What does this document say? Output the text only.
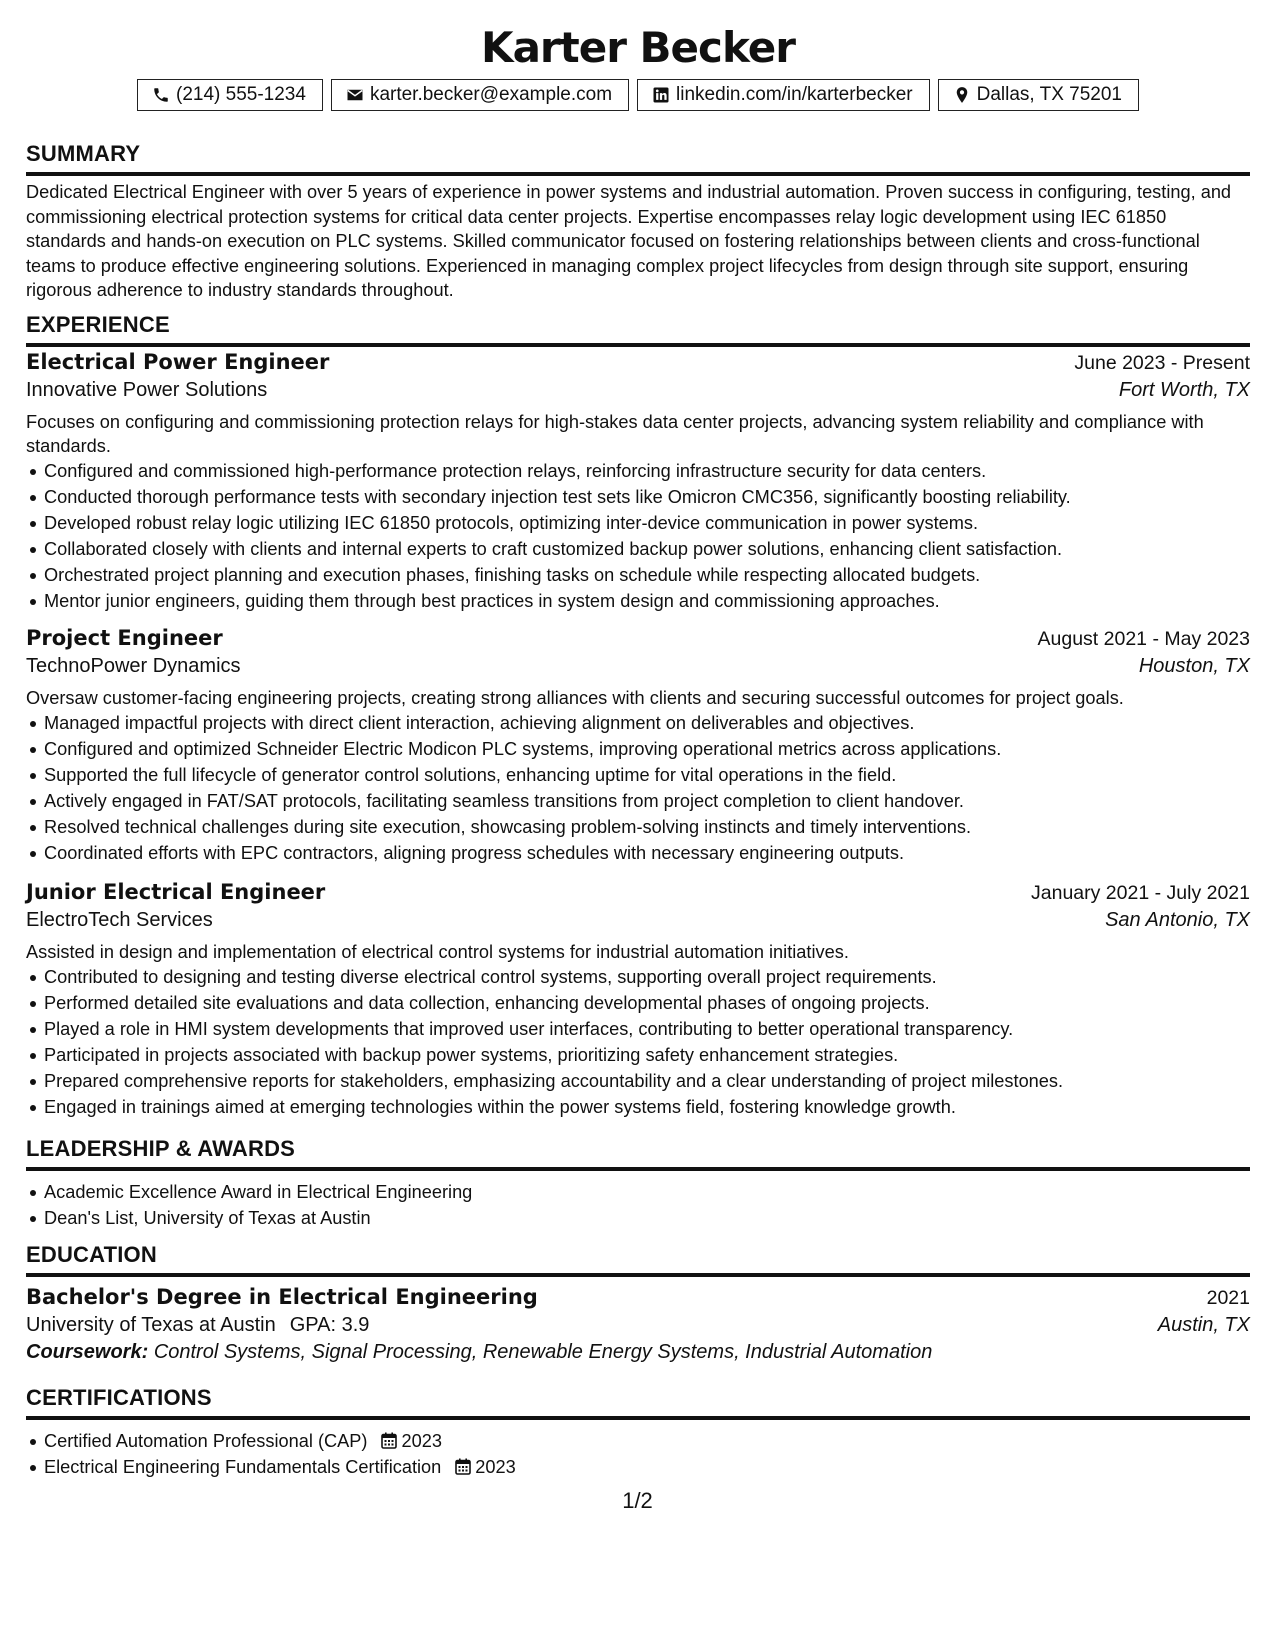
Karter Becker
(214) 555-1234	karter.becker@example.com	linkedin.com/in/karterbecker	Dallas, TX 75201
SUMMARY
Dedicated Electrical Engineer with over 5 years of experience in power systems and industrial automation. Proven success in configuring, testing, and commissioning electrical protection systems for critical data center projects. Expertise encompasses relay logic development using IEC 61850 standards and hands-on execution on PLC systems. Skilled communicator focused on fostering relationships between clients and cross-functional teams to produce effective engineering solutions. Experienced in managing complex project lifecycles from design through site support, ensuring rigorous adherence to industry standards throughout.
EXPERIENCE
Electrical Power Engineer	June 2023 - Present
Innovative Power Solutions	Fort Worth, TX
Focuses on configuring and commissioning protection relays for high-stakes data center projects, advancing system reliability and compliance with standards.
Configured and commissioned high-performance protection relays, reinforcing infrastructure security for data centers.
Conducted thorough performance tests with secondary injection test sets like Omicron CMC356, significantly boosting reliability.
Developed robust relay logic utilizing IEC 61850 protocols, optimizing inter-device communication in power systems.
Collaborated closely with clients and internal experts to craft customized backup power solutions, enhancing client satisfaction.
Orchestrated project planning and execution phases, finishing tasks on schedule while respecting allocated budgets.
Mentor junior engineers, guiding them through best practices in system design and commissioning approaches.
Project Engineer	August 2021 - May 2023
TechnoPower Dynamics	Houston, TX
Oversaw customer-facing engineering projects, creating strong alliances with clients and securing successful outcomes for project goals.
Managed impactful projects with direct client interaction, achieving alignment on deliverables and objectives.
Configured and optimized Schneider Electric Modicon PLC systems, improving operational metrics across applications.
Supported the full lifecycle of generator control solutions, enhancing uptime for vital operations in the field.
Actively engaged in FAT/SAT protocols, facilitating seamless transitions from project completion to client handover.
Resolved technical challenges during site execution, showcasing problem-solving instincts and timely interventions.
Coordinated efforts with EPC contractors, aligning progress schedules with necessary engineering outputs.
Junior Electrical Engineer	January 2021 - July 2021
ElectroTech Services	San Antonio, TX
Assisted in design and implementation of electrical control systems for industrial automation initiatives.
Contributed to designing and testing diverse electrical control systems, supporting overall project requirements.
Performed detailed site evaluations and data collection, enhancing developmental phases of ongoing projects.
Played a role in HMI system developments that improved user interfaces, contributing to better operational transparency.
Participated in projects associated with backup power systems, prioritizing safety enhancement strategies.
Prepared comprehensive reports for stakeholders, emphasizing accountability and a clear understanding of project milestones.
Engaged in trainings aimed at emerging technologies within the power systems field, fostering knowledge growth.
LEADERSHIP & AWARDS
Academic Excellence Award in Electrical Engineering
Dean's List, University of Texas at Austin
EDUCATION
Bachelor's Degree in Electrical Engineering	2021
University of Texas at Austin GPA: 3.9	Austin, TX
Coursework: Control Systems, Signal Processing, Renewable Energy Systems, Industrial Automation
CERTIFICATIONS
Certified Automation Professional (CAP) 2023
Electrical Engineering Fundamentals Certification 2023
1/2
